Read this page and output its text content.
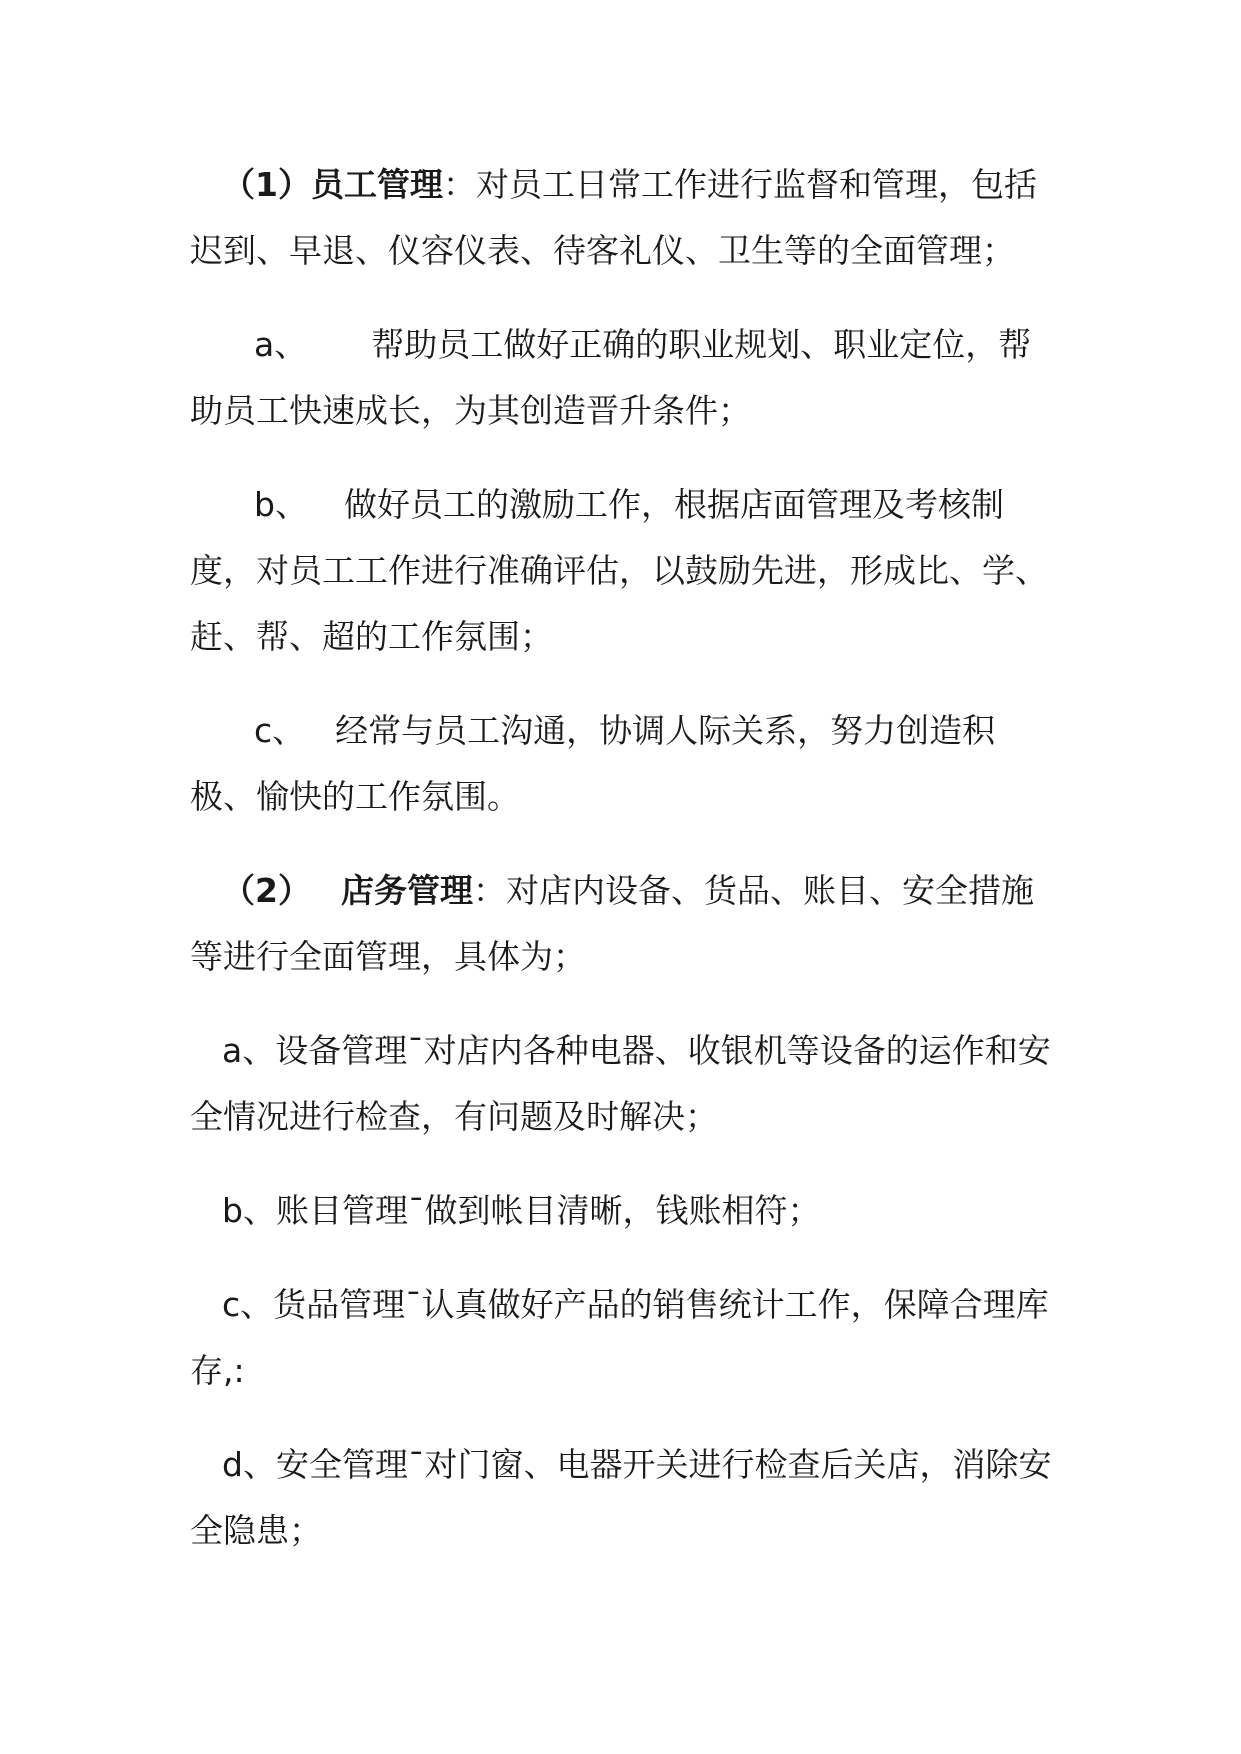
（1）员工管理：对员工日常工作进行监督和管理，包括迟到、早退、仪容仪表、待客礼仪、卫生等的全面管理；

a、 帮助员工做好正确的职业规划、职业定位，帮助员工快速成长，为其创造晋升条件；

b、 做好员工的激励工作，根据店面管理及考核制度，对员工工作进行准确评估，以鼓励先进，形成比、学、赶、帮、超的工作氛围；

c、 经常与员工沟通，协调人际关系，努力创造积极、愉快的工作氛围。

（2） 店务管理：对店内设备、货品、账目、安全措施等进行全面管理，具体为；

a、设备管理¯对店内各种电器、收银机等设备的运作和安全情况进行检查，有问题及时解决；

b、账目管理¯做到帐目清晰，钱账相符；

c、货品管理¯认真做好产品的销售统计工作，保障合理库存,:

d、安全管理¯对门窗、电器开关进行检查后关店，消除安全隐患；
